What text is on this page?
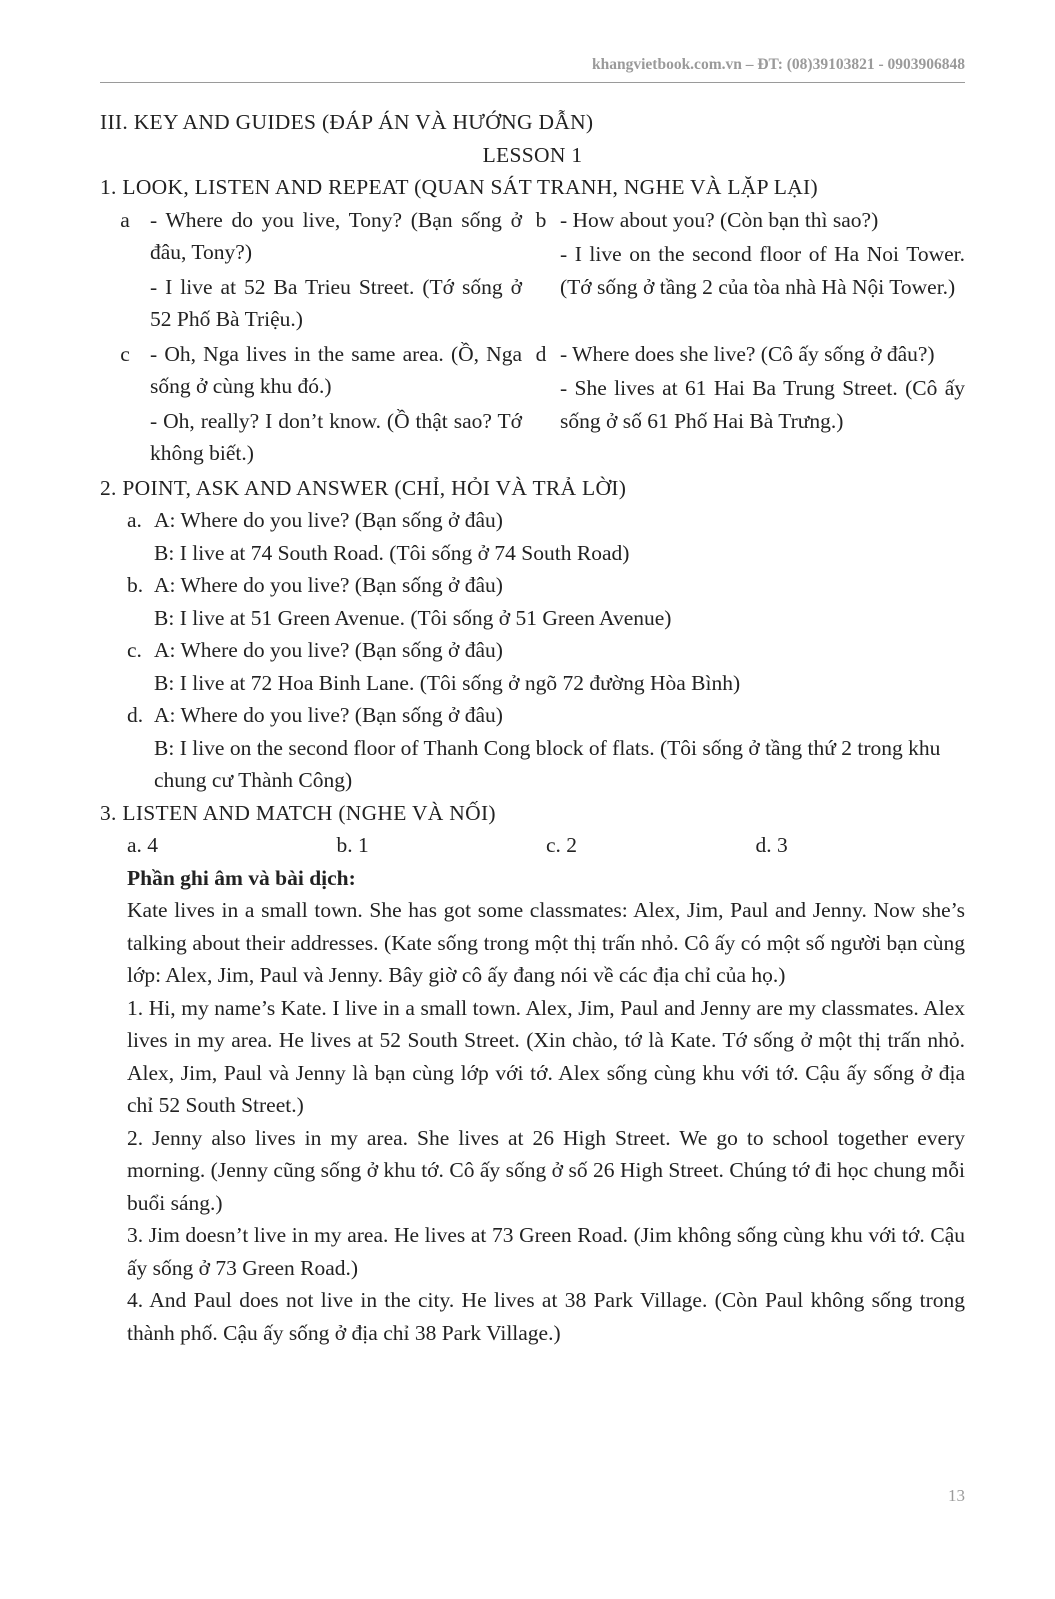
khangvietbook.com.vn – ĐT: (08)39103821 - 0903906848

III. KEY AND GUIDES (ĐÁP ÁN VÀ HƯỚNG DẪN)

LESSON 1

1. LOOK, LISTEN AND REPEAT (QUAN SÁT TRANH, NGHE VÀ LẶP LẠI)

a - Where do you live, Tony? (Bạn sống ở đâu, Tony?)

- I live at 52 Ba Trieu Street. (Tớ sống ở 52 Phố Bà Triệu.)

b - How about you? (Còn bạn thì sao?)

- I live on the second floor of Ha Noi Tower. (Tớ sống ở tầng 2 của tòa nhà Hà Nội Tower.)

c - Oh, Nga lives in the same area. (Ồ, Nga sống ở cùng khu đó.)

- Oh, really? I don’t know. (Ồ thật sao? Tớ không biết.)

d - Where does she live? (Cô ấy sống ở đâu?)

- She lives at 61 Hai Ba Trung Street. (Cô ấy sống ở số 61 Phố Hai Bà Trưng.)

2. POINT, ASK AND ANSWER (CHỈ, HỎI VÀ TRẢ LỜI)

a. A: Where do you live? (Bạn sống ở đâu)
B: I live at 74 South Road. (Tôi sống ở 74 South Road)
b. A: Where do you live? (Bạn sống ở đâu)
B: I live at 51 Green Avenue. (Tôi sống ở 51 Green Avenue)
c. A: Where do you live? (Bạn sống ở đâu)
B: I live at 72 Hoa Binh Lane. (Tôi sống ở ngõ 72 đường Hòa Bình)
d. A: Where do you live? (Bạn sống ở đâu)
B: I live on the second floor of Thanh Cong block of flats. (Tôi sống ở tầng thứ 2 trong khu chung cư Thành Công)

3. LISTEN AND MATCH (NGHE VÀ NỐI)

a. 4	b. 1	c. 2	d. 3

Phần ghi âm và bài dịch:

Kate lives in a small town. She has got some classmates: Alex, Jim, Paul and Jenny. Now she’s talking about their addresses. (Kate sống trong một thị trấn nhỏ. Cô ấy có một số người bạn cùng lớp: Alex, Jim, Paul và Jenny. Bây giờ cô ấy đang nói về các địa chỉ của họ.)

1. Hi, my name’s Kate. I live in a small town. Alex, Jim, Paul and Jenny are my classmates. Alex lives in my area. He lives at 52 South Street. (Xin chào, tớ là Kate. Tớ sống ở một thị trấn nhỏ. Alex, Jim, Paul và Jenny là bạn cùng lớp với tớ. Alex sống cùng khu với tớ. Cậu ấy sống ở địa chỉ 52 South Street.)

2. Jenny also lives in my area. She lives at 26 High Street. We go to school together every morning. (Jenny cũng sống ở khu tớ. Cô ấy sống ở số 26 High Street. Chúng tớ đi học chung mỗi buổi sáng.)

3. Jim doesn’t live in my area. He lives at 73 Green Road. (Jim không sống cùng khu với tớ. Cậu ấy sống ở 73 Green Road.)

4. And Paul does not live in the city. He lives at 38 Park Village. (Còn Paul không sống trong thành phố. Cậu ấy sống ở địa chỉ 38 Park Village.)

13
